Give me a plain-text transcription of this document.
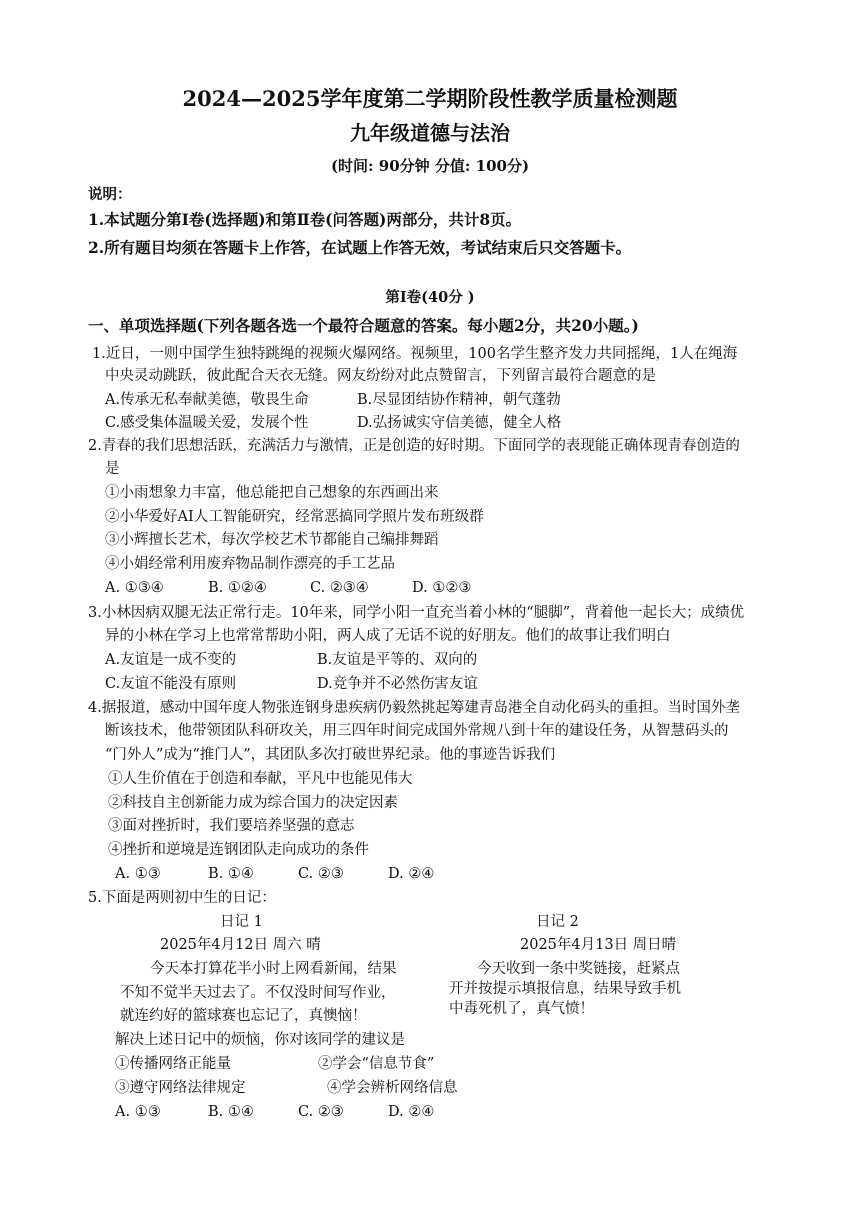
2024—2025学年度第二学期阶段性教学质量检测题
九年级道德与法治
(时间: 90分钟 分值: 100分)
说明：
1.本试题分第Ⅰ卷(选择题)和第Ⅱ卷(问答题)两部分，共计8页。
2.所有题目均须在答题卡上作答，在试题上作答无效，考试结束后只交答题卡。
第Ⅰ卷(40分 )
一、单项选择题(下列各题各选一个最符合题意的答案。每小题2分，共20小题。)
1.近日，一则中国学生独特跳绳的视频火爆网络。视频里，100名学生整齐发力共同摇绳，1人在绳海
中央灵动跳跃，彼此配合天衣无缝。网友纷纷对此点赞留言，下列留言最符合题意的是
A.传承无私奉献美德，敬畏生命	B.尽显团结协作精神，朝气蓬勃
C.感受集体温暖关爱，发展个性	D.弘扬诚实守信美德，健全人格
2.青春的我们思想活跃，充满活力与激情，正是创造的好时期。下面同学的表现能正确体现青春创造的
是
①小雨想象力丰富，他总能把自己想象的东西画出来
②小华爱好AI人工智能研究，经常恶搞同学照片发布班级群
③小辉擅长艺术，每次学校艺术节都能自己编排舞蹈
④小娟经常利用废弃物品制作漂亮的手工艺品
A. ①③④	B. ①②④	C. ②③④	D. ①②③
3.小林因病双腿无法正常行走。10年来，同学小阳一直充当着小林的“腿脚”，背着他一起长大；成绩优
异的小林在学习上也常常帮助小阳，两人成了无话不说的好朋友。他们的故事让我们明白
A.友谊是一成不变的	B.友谊是平等的、双向的
C.友谊不能没有原则	D.竞争并不必然伤害友谊
4.据报道，感动中国年度人物张连钢身患疾病仍毅然挑起筹建青岛港全自动化码头的重担。当时国外垄
断该技术，他带领团队科研攻关，用三四年时间完成国外常规八到十年的建设任务，从智慧码头的
“门外人”成为“推门人”，其团队多次打破世界纪录。他的事迹告诉我们
①人生价值在于创造和奉献，平凡中也能见伟大
②科技自主创新能力成为综合国力的决定因素
③面对挫折时，我们要培养坚强的意志
④挫折和逆境是连钢团队走向成功的条件
A. ①③	B. ①④	C. ②③	D. ②④
5.下面是两则初中生的日记：
日记 1
2025年4月12日 周六 晴
今天本打算花半小时上网看新闻，结果
不知不觉半天过去了。不仅没时间写作业，
就连约好的篮球赛也忘记了，真懊恼！
日记 2
2025年4月13日 周日晴
今天收到一条中奖链接，赶紧点
开并按提示填报信息，结果导致手机
中毒死机了，真气愤！
解决上述日记中的烦恼，你对该同学的建议是
①传播网络正能量	②学会“信息节食”
③遵守网络法律规定	④学会辨析网络信息
A. ①③	B. ①④	C. ②③	D. ②④
